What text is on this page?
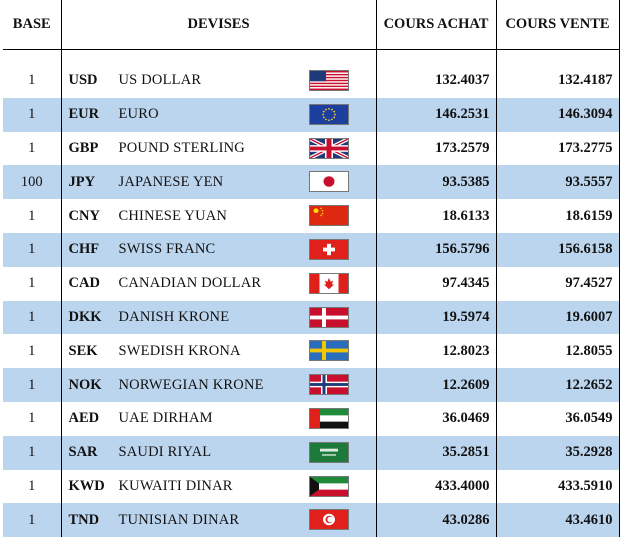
BASE	DEVISES	COURS ACHAT	COURS VENTE

1	USD US DOLLAR	132.4037	132.4187
1	EUR EURO	146.2531	146.3094
1	GBP POUND STERLING	173.2579	173.2775
100	JPY JAPANESE YEN	93.5385	93.5557
1	CNY CHINESE YUAN	18.6133	18.6159
1	CHF SWISS FRANC	156.5796	156.6158
1	CAD CANADIAN DOLLAR	97.4345	97.4527
1	DKK DANISH KRONE	19.5974	19.6007
1	SEK SWEDISH KRONA	12.8023	12.8055
1	NOK NORWEGIAN KRONE	12.2609	12.2652
1	AED UAE DIRHAM	36.0469	36.0549
1	SAR SAUDI RIYAL	35.2851	35.2928
1	KWD KUWAITI DINAR	433.4000	433.5910
1	TND TUNISIAN DINAR	43.0286	43.4610
